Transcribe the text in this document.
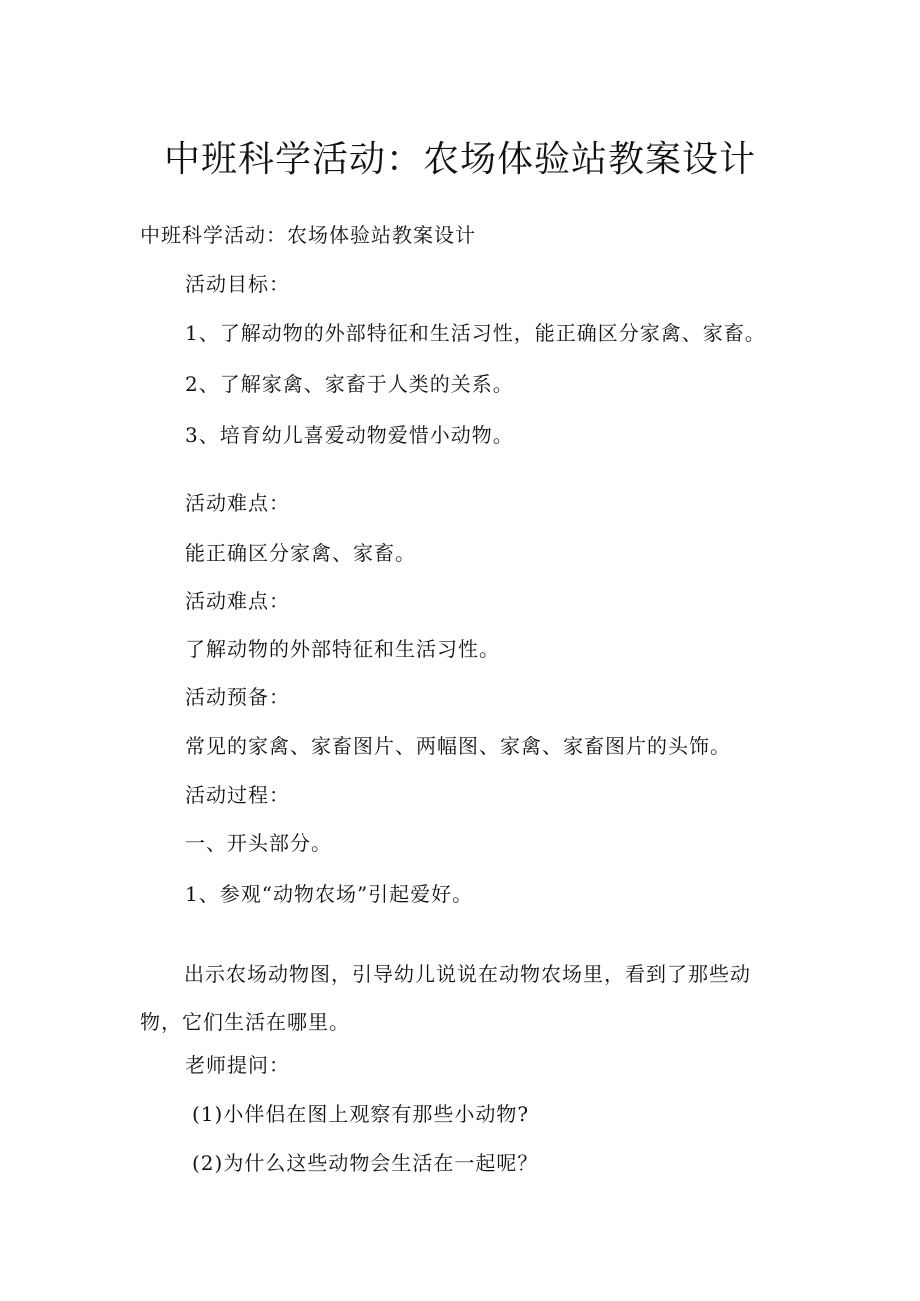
中班科学活动：农场体验站教案设计
中班科学活动：农场体验站教案设计
活动目标：
1、了解动物的外部特征和生活习性，能正确区分家禽、家畜。
2、了解家禽、家畜于人类的关系。
3、培育幼儿喜爱动物爱惜小动物。
活动难点：
能正确区分家禽、家畜。
活动难点：
了解动物的外部特征和生活习性。
活动预备：
常见的家禽、家畜图片、两幅图、家禽、家畜图片的头饰。
活动过程：
一、开头部分。
1、参观“动物农场”引起爱好。
出示农场动物图，引导幼儿说说在动物农场里，看到了那些动物，它们生活在哪里。
老师提问：
(1)小伴侣在图上观察有那些小动物?
(2)为什么这些动物会生活在一起呢？
